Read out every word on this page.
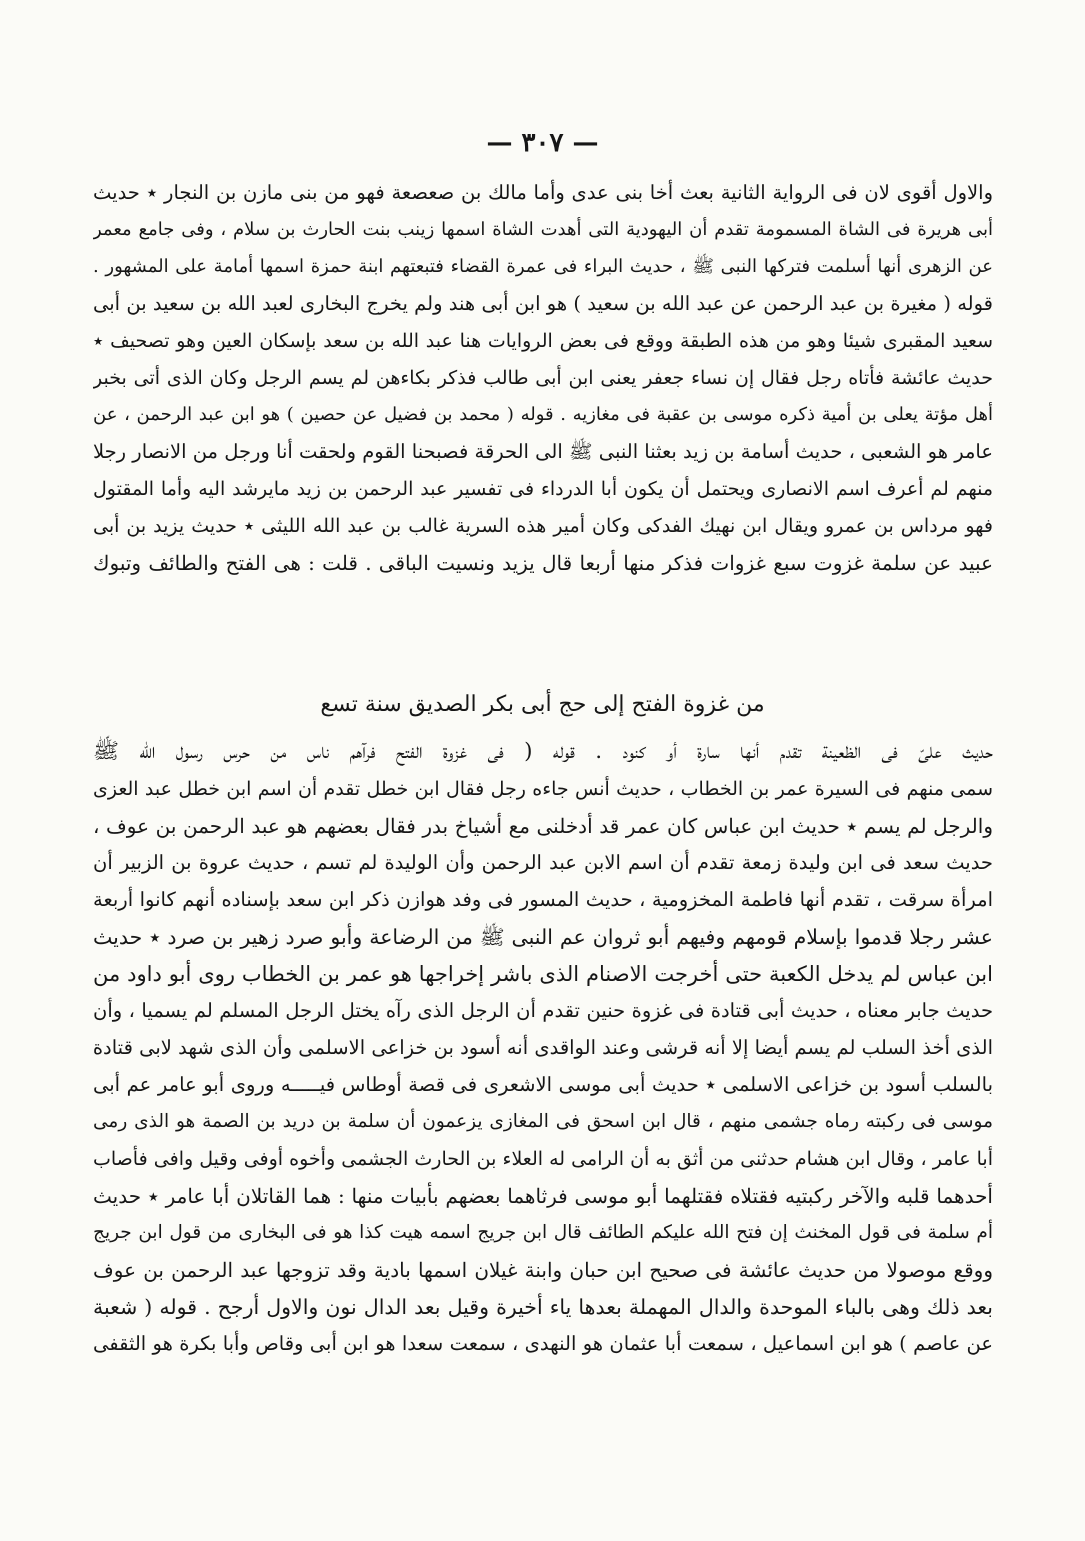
— ٣٠٧ —
والاول أقوى لان فى الرواية الثانية بعث أخا بنى عدى وأما مالك بن صعصعة فهو من بنى مازن بن النجار ٭ حديث
أبى هريرة فى الشاة المسمومة تقدم أن اليهودية التى أهدت الشاة اسمها زينب بنت الحارث بن سلام ، وفى جامع معمر
عن الزهرى أنها أسلمت فتركها النبى ﷺ ، حديث البراء فى عمرة القضاء فتبعتهم ابنة حمزة اسمها أمامة على المشهور .
قوله ( مغيرة بن عبد الرحمن عن عبد الله بن سعيد ) هو ابن أبى هند ولم يخرج البخارى لعبد الله بن سعيد بن أبى
سعيد المقبرى شيئا وهو من هذه الطبقة ووقع فى بعض الروايات هنا عبد الله بن سعد بإسكان العين وهو تصحيف ٭
حديث عائشة فأتاه رجل فقال إن نساء جعفر يعنى ابن أبى طالب فذكر بكاءهن لم يسم الرجل وكان الذى أتى بخبر
أهل مؤتة يعلى بن أمية ذكره موسى بن عقبة فى مغازيه . قوله ( محمد بن فضيل عن حصين ) هو ابن عبد الرحمن ، عن
عامر هو الشعبى ، حديث أسامة بن زيد بعثنا النبى ﷺ الى الحرقة فصبحنا القوم ولحقت أنا ورجل من الانصار رجلا
منهم لم أعرف اسم الانصارى ويحتمل أن يكون أبا الدرداء فى تفسير عبد الرحمن بن زيد مايرشد اليه وأما المقتول
فهو مرداس بن عمرو ويقال ابن نهيك الفدكى وكان أمير هذه السرية غالب بن عبد الله الليثى ٭ حديث يزيد بن أبى
عبيد عن سلمة غزوت سبع غزوات فذكر منها أربعا قال يزيد ونسيت الباقى . قلت : هى الفتح والطائف وتبوك
من غزوة الفتح إلى حج أبى بكر الصديق سنة تسع
حديث علىّ فى الظعينة تقدم أنها سارة أو كنود . قوله ( فى غزوة الفتح فرآهم ناس من حرس رسول الله ﷺ
سمى منهم فى السيرة عمر بن الخطاب ، حديث أنس جاءه رجل فقال ابن خطل تقدم أن اسم ابن خطل عبد العزى
والرجل لم يسم ٭ حديث ابن عباس كان عمر قد أدخلنى مع أشياخ بدر فقال بعضهم هو عبد الرحمن بن عوف ،
حديث سعد فى ابن وليدة زمعة تقدم أن اسم الابن عبد الرحمن وأن الوليدة لم تسم ، حديث عروة بن الزبير أن
امرأة سرقت ، تقدم أنها فاطمة المخزومية ، حديث المسور فى وفد هوازن ذكر ابن سعد بإسناده أنهم كانوا أربعة
عشر رجلا قدموا بإسلام قومهم وفيهم أبو ثروان عم النبى ﷺ من الرضاعة وأبو صرد زهير بن صرد ٭ حديث
ابن عباس لم يدخل الكعبة حتى أخرجت الاصنام الذى باشر إخراجها هو عمر بن الخطاب روى أبو داود من
حديث جابر معناه ، حديث أبى قتادة فى غزوة حنين تقدم أن الرجل الذى رآه يختل الرجل المسلم لم يسميا ، وأن
الذى أخذ السلب لم يسم أيضا إلا أنه قرشى وعند الواقدى أنه أسود بن خزاعى الاسلمى وأن الذى شهد لابى قتادة
بالسلب أسود بن خزاعى الاسلمى ٭ حديث أبى موسى الاشعرى فى قصة أوطاس فيـــــه وروى أبو عامر عم أبى
موسى فى ركبته رماه جشمى منهم ، قال ابن اسحق فى المغازى يزعمون أن سلمة بن دريد بن الصمة هو الذى رمى
أبا عامر ، وقال ابن هشام حدثنى من أثق به أن الرامى له العلاء بن الحارث الجشمى وأخوه أوفى وقيل وافى فأصاب
أحدهما قلبه والآخر ركبتيه فقتلاه فقتلهما أبو موسى فرثاهما بعضهم بأبيات منها : هما القاتلان أبا عامر ٭ حديث
أم سلمة فى قول المخنث إن فتح الله عليكم الطائف قال ابن جريج اسمه هيت كذا هو فى البخارى من قول ابن جريج
ووقع موصولا من حديث عائشة فى صحيح ابن حبان وابنة غيلان اسمها بادية وقد تزوجها عبد الرحمن بن عوف
بعد ذلك وهى بالباء الموحدة والدال المهملة بعدها ياء أخيرة وقيل بعد الدال نون والاول أرجح . قوله ( شعبة
عن عاصم ) هو ابن اسماعيل ، سمعت أبا عثمان هو النهدى ، سمعت سعدا هو ابن أبى وقاص وأبا بكرة هو الثقفى
